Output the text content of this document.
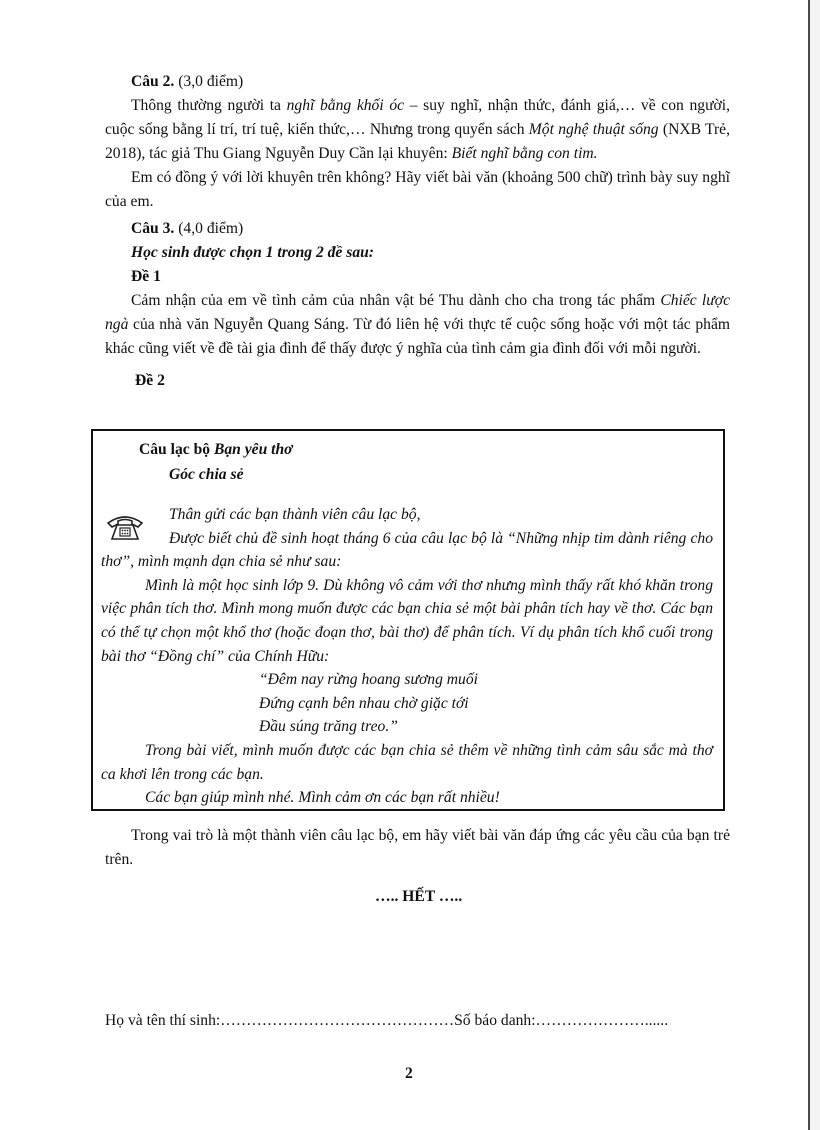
Câu 2. (3,0 điểm)

Thông thường người ta nghĩ bằng khối óc – suy nghĩ, nhận thức, đánh giá,… về con người, cuộc sống bằng lí trí, trí tuệ, kiến thức,… Nhưng trong quyển sách Một nghệ thuật sống (NXB Trẻ, 2018), tác giả Thu Giang Nguyễn Duy Cần lại khuyên: Biết nghĩ bằng con tim.

Em có đồng ý với lời khuyên trên không? Hãy viết bài văn (khoảng 500 chữ) trình bày suy nghĩ của em.

Câu 3. (4,0 điểm)

Học sinh được chọn 1 trong 2 đề sau:

Đề 1

Cảm nhận của em về tình cảm của nhân vật bé Thu dành cho cha trong tác phẩm Chiếc lược ngà của nhà văn Nguyễn Quang Sáng. Từ đó liên hệ với thực tế cuộc sống hoặc với một tác phẩm khác cũng viết về đề tài gia đình để thấy được ý nghĩa của tình cảm gia đình đối với mỗi người.

Đề 2

Câu lạc bộ Bạn yêu thơ
Góc chia sẻ

Thân gửi các bạn thành viên câu lạc bộ,

Được biết chủ đề sinh hoạt tháng 6 của câu lạc bộ là “Những nhịp tim dành riêng cho thơ”, mình mạnh dạn chia sẻ như sau:

Mình là một học sinh lớp 9. Dù không vô cảm với thơ nhưng mình thấy rất khó khăn trong việc phân tích thơ. Mình mong muốn được các bạn chia sẻ một bài phân tích hay về thơ. Các bạn có thể tự chọn một khổ thơ (hoặc đoạn thơ, bài thơ) để phân tích. Ví dụ phân tích khổ cuối trong bài thơ “Đồng chí” của Chính Hữu:

“Đêm nay rừng hoang sương muối

Đứng cạnh bên nhau chờ giặc tới

Đầu súng trăng treo.”

Trong bài viết, mình muốn được các bạn chia sẻ thêm về những tình cảm sâu sắc mà thơ ca khơi lên trong các bạn.

Các bạn giúp mình nhé. Mình cảm ơn các bạn rất nhiều!

Trong vai trò là một thành viên câu lạc bộ, em hãy viết bài văn đáp ứng các yêu cầu của bạn trẻ trên.

….. HẾT …..
Họ và tên thí sinh:………………………………………Số báo danh:…………………......
2
